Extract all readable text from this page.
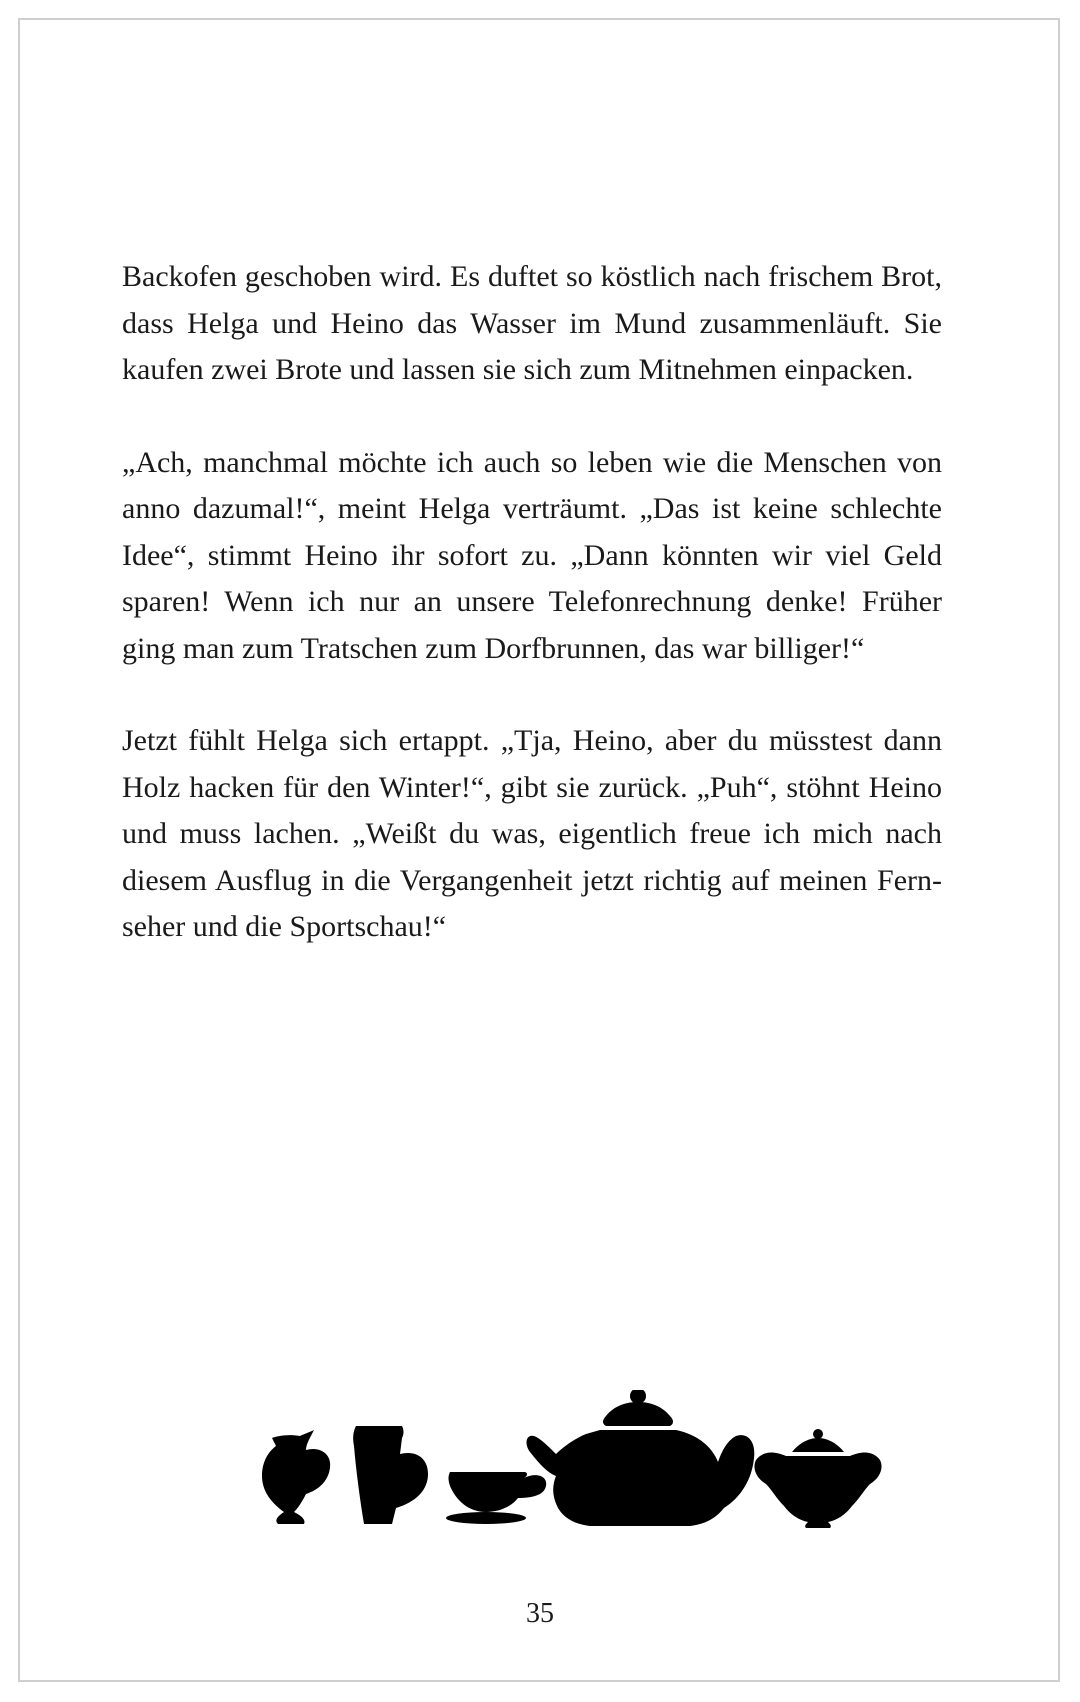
Backofen geschoben wird. Es duftet so köstlich nach frischem Brot,
dass Helga und Heino das Wasser im Mund zusammenläuft. Sie
kaufen zwei Brote und lassen sie sich zum Mitnehmen einpacken.

„Ach, manchmal möchte ich auch so leben wie die Menschen von
anno dazumal!“, meint Helga verträumt. „Das ist keine schlechte
Idee“, stimmt Heino ihr sofort zu. „Dann könnten wir viel Geld
sparen! Wenn ich nur an unsere Telefonrechnung denke! Früher
ging man zum Tratschen zum Dorfbrunnen, das war billiger!“

Jetzt fühlt Helga sich ertappt. „Tja, Heino, aber du müsstest dann
Holz hacken für den Winter!“, gibt sie zurück. „Puh“, stöhnt Heino
und muss lachen. „Weißt du was, eigentlich freue ich mich nach
diesem Ausflug in die Vergangenheit jetzt richtig auf meinen Fern-
seher und die Sportschau!“

35
